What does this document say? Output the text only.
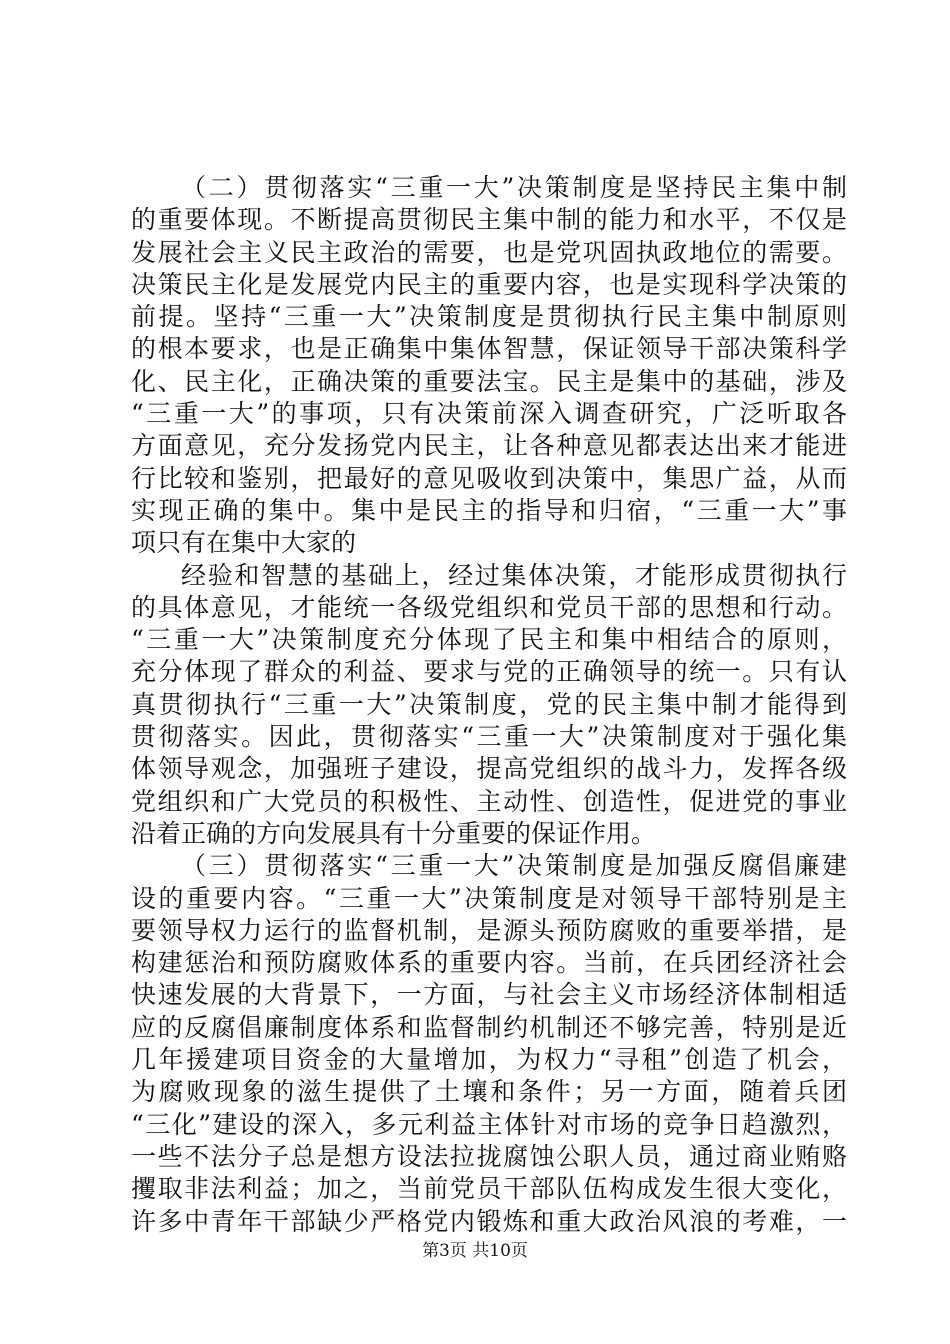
（二）贯彻落实“三重一大”决策制度是坚持民主集中制
的重要体现。不断提高贯彻民主集中制的能力和水平，不仅是
发展社会主义民主政治的需要，也是党巩固执政地位的需要。
决策民主化是发展党内民主的重要内容，也是实现科学决策的
前提。坚持“三重一大”决策制度是贯彻执行民主集中制原则
的根本要求，也是正确集中集体智慧，保证领导干部决策科学
化、民主化，正确决策的重要法宝。民主是集中的基础，涉及
“三重一大”的事项，只有决策前深入调查研究，广泛听取各
方面意见，充分发扬党内民主，让各种意见都表达出来才能进
行比较和鉴别，把最好的意见吸收到决策中，集思广益，从而
实现正确的集中。集中是民主的指导和归宿，“三重一大”事
项只有在集中大家的
经验和智慧的基础上，经过集体决策，才能形成贯彻执行
的具体意见，才能统一各级党组织和党员干部的思想和行动。
“三重一大”决策制度充分体现了民主和集中相结合的原则，
充分体现了群众的利益、要求与党的正确领导的统一。只有认
真贯彻执行“三重一大”决策制度，党的民主集中制才能得到
贯彻落实。因此，贯彻落实“三重一大”决策制度对于强化集
体领导观念，加强班子建设，提高党组织的战斗力，发挥各级
党组织和广大党员的积极性、主动性、创造性，促进党的事业
沿着正确的方向发展具有十分重要的保证作用。
（三）贯彻落实“三重一大”决策制度是加强反腐倡廉建
设的重要内容。“三重一大”决策制度是对领导干部特别是主
要领导权力运行的监督机制，是源头预防腐败的重要举措，是
构建惩治和预防腐败体系的重要内容。当前，在兵团经济社会
快速发展的大背景下，一方面，与社会主义市场经济体制相适
应的反腐倡廉制度体系和监督制约机制还不够完善，特别是近
几年援建项目资金的大量增加，为权力“寻租”创造了机会，
为腐败现象的滋生提供了土壤和条件；另一方面，随着兵团
“三化”建设的深入，多元利益主体针对市场的竞争日趋激烈，
一些不法分子总是想方设法拉拢腐蚀公职人员，通过商业贿赂
攫取非法利益；加之，当前党员干部队伍构成发生很大变化，
许多中青年干部缺少严格党内锻炼和重大政治风浪的考难，一
第3页 共10页
